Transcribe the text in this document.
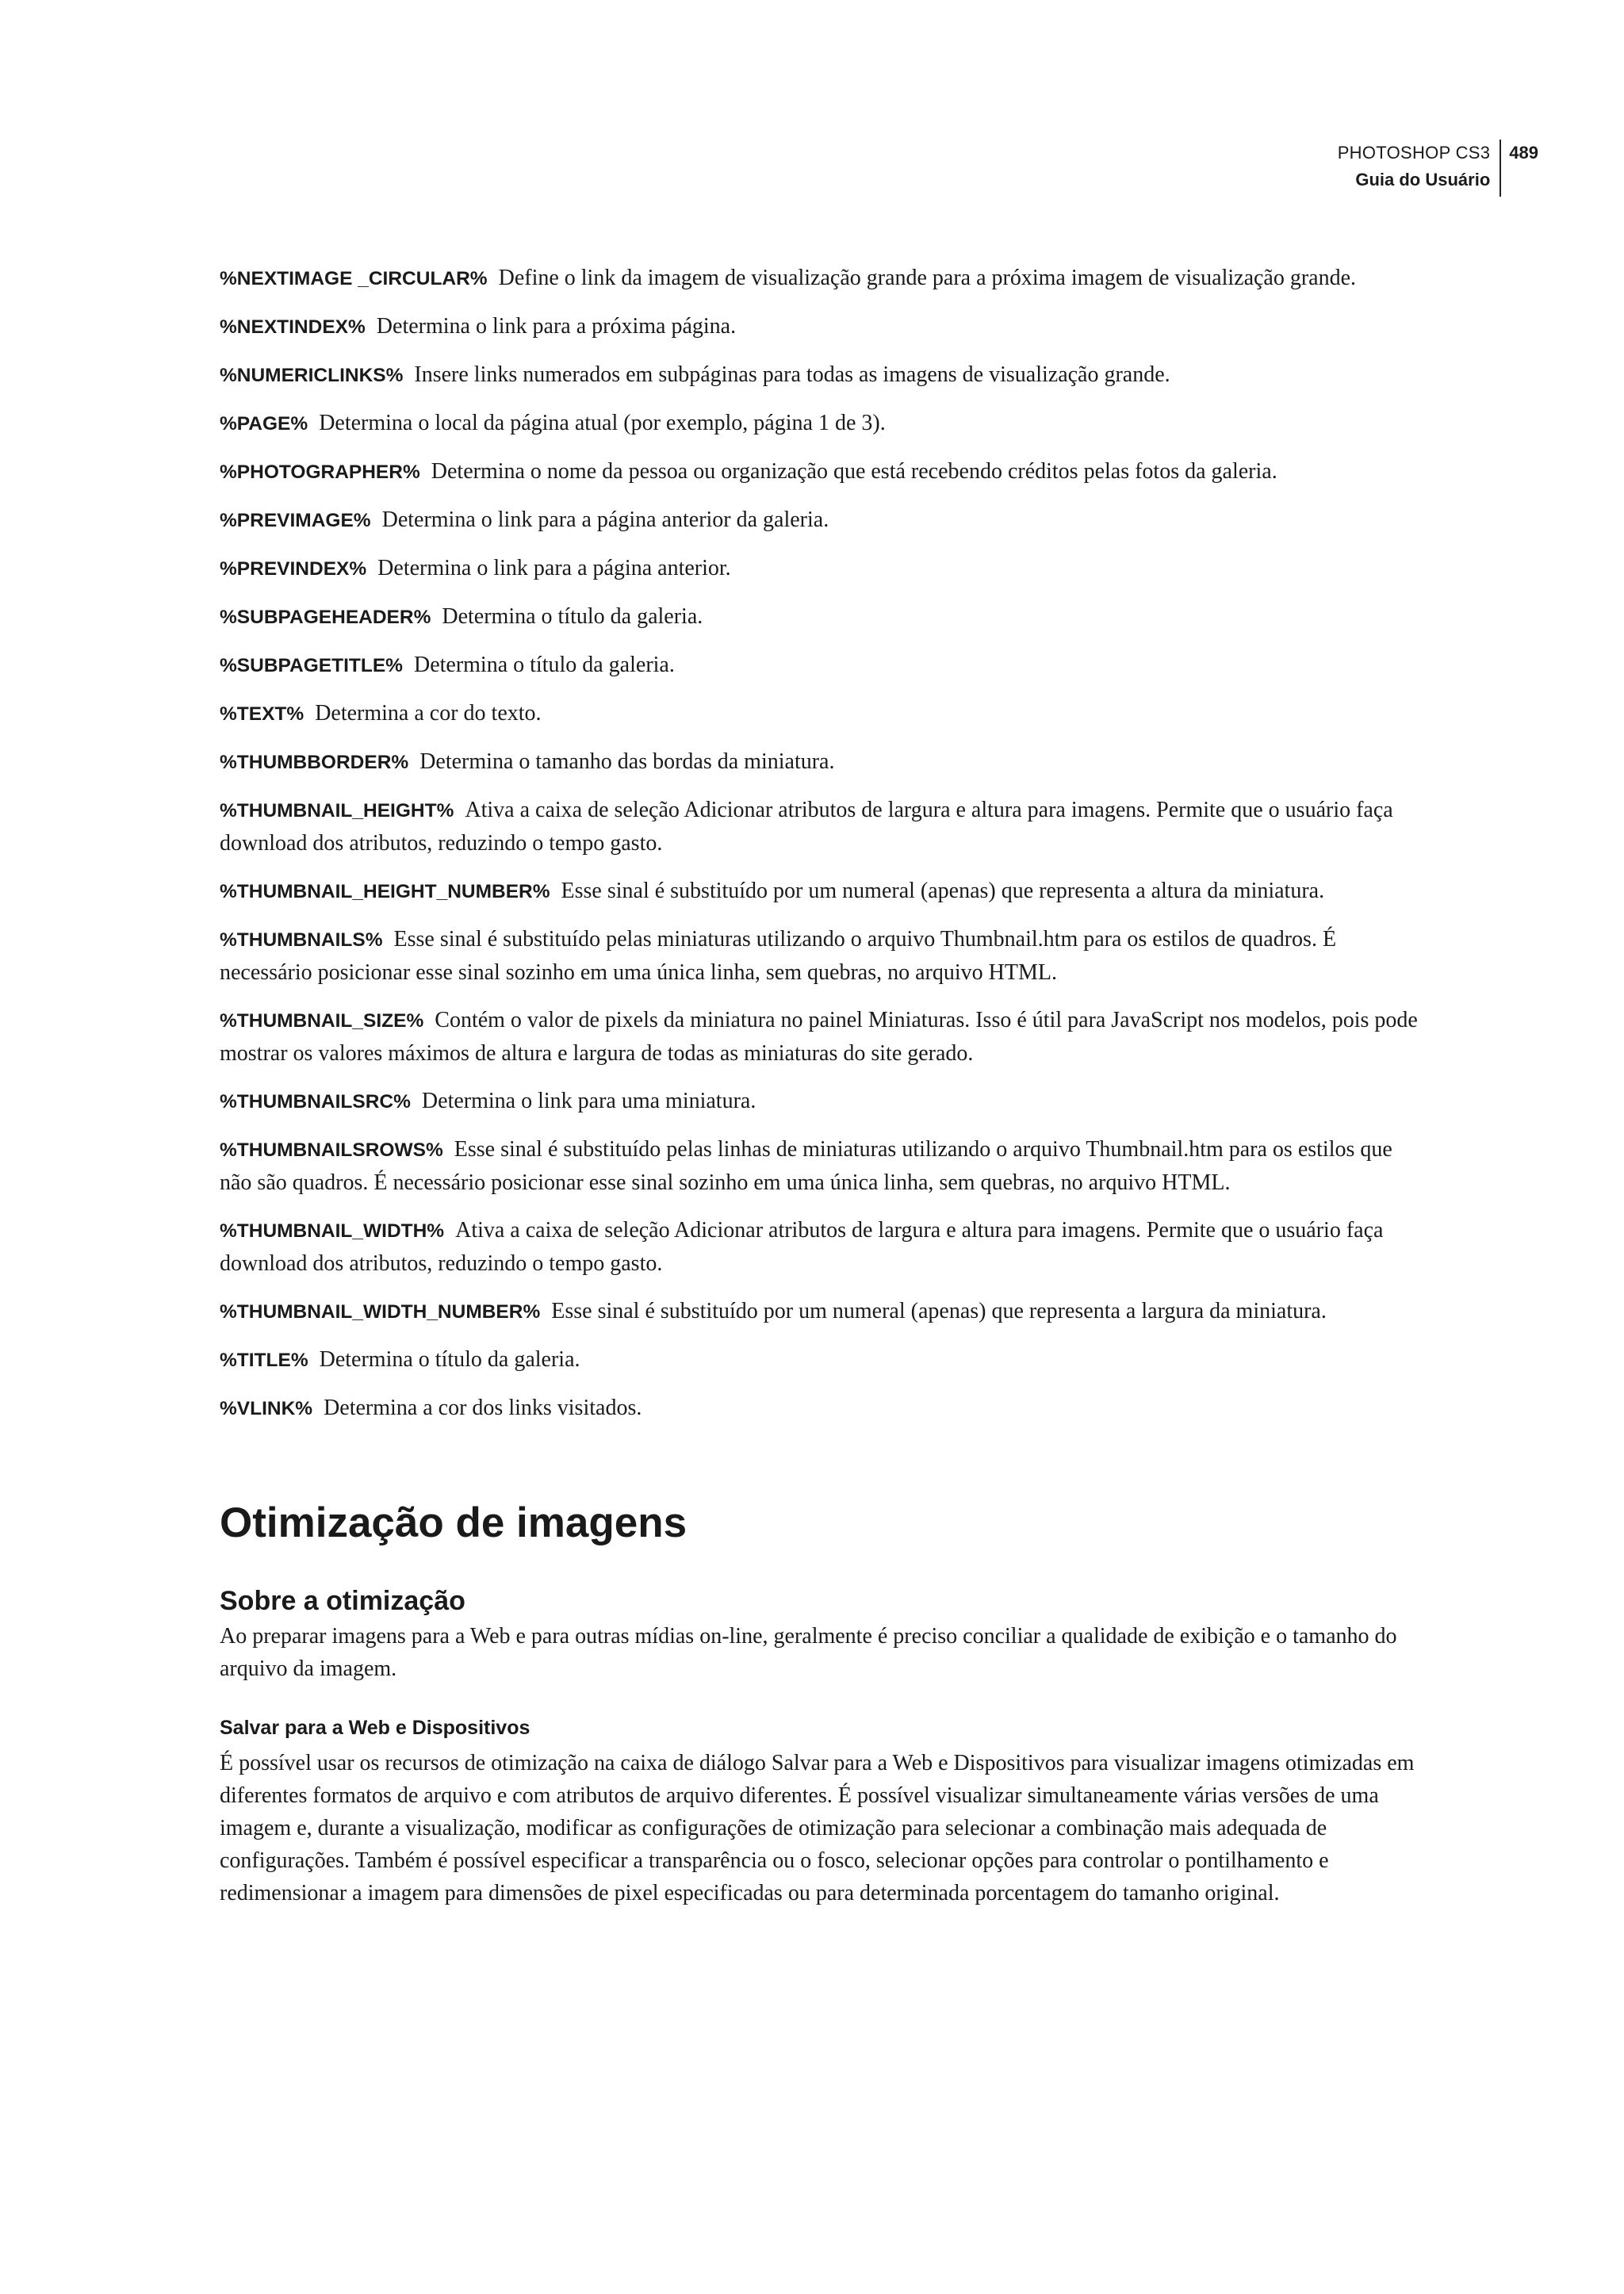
PHOTOSHOP CS3
Guia do Usuário
489
%NEXTIMAGE _CIRCULAR% Define o link da imagem de visualização grande para a próxima imagem de visualização grande.
%NEXTINDEX% Determina o link para a próxima página.
%NUMERICLINKS% Insere links numerados em subpáginas para todas as imagens de visualização grande.
%PAGE% Determina o local da página atual (por exemplo, página 1 de 3).
%PHOTOGRAPHER% Determina o nome da pessoa ou organização que está recebendo créditos pelas fotos da galeria.
%PREVIMAGE% Determina o link para a página anterior da galeria.
%PREVINDEX% Determina o link para a página anterior.
%SUBPAGEHEADER% Determina o título da galeria.
%SUBPAGETITLE% Determina o título da galeria.
%TEXT% Determina a cor do texto.
%THUMBBORDER% Determina o tamanho das bordas da miniatura.
%THUMBNAIL_HEIGHT% Ativa a caixa de seleção Adicionar atributos de largura e altura para imagens. Permite que o usuário faça download dos atributos, reduzindo o tempo gasto.
%THUMBNAIL_HEIGHT_NUMBER% Esse sinal é substituído por um numeral (apenas) que representa a altura da miniatura.
%THUMBNAILS% Esse sinal é substituído pelas miniaturas utilizando o arquivo Thumbnail.htm para os estilos de quadros. É necessário posicionar esse sinal sozinho em uma única linha, sem quebras, no arquivo HTML.
%THUMBNAIL_SIZE% Contém o valor de pixels da miniatura no painel Miniaturas. Isso é útil para JavaScript nos modelos, pois pode mostrar os valores máximos de altura e largura de todas as miniaturas do site gerado.
%THUMBNAILSRC% Determina o link para uma miniatura.
%THUMBNAILSROWS% Esse sinal é substituído pelas linhas de miniaturas utilizando o arquivo Thumbnail.htm para os estilos que não são quadros. É necessário posicionar esse sinal sozinho em uma única linha, sem quebras, no arquivo HTML.
%THUMBNAIL_WIDTH% Ativa a caixa de seleção Adicionar atributos de largura e altura para imagens. Permite que o usuário faça download dos atributos, reduzindo o tempo gasto.
%THUMBNAIL_WIDTH_NUMBER% Esse sinal é substituído por um numeral (apenas) que representa a largura da miniatura.
%TITLE% Determina o título da galeria.
%VLINK% Determina a cor dos links visitados.
Otimização de imagens
Sobre a otimização

Ao preparar imagens para a Web e para outras mídias on-line, geralmente é preciso conciliar a qualidade de exibição e o tamanho do arquivo da imagem.

Salvar para a Web e Dispositivos

É possível usar os recursos de otimização na caixa de diálogo Salvar para a Web e Dispositivos para visualizar imagens otimizadas em diferentes formatos de arquivo e com atributos de arquivo diferentes. É possível visualizar simultaneamente várias versões de uma imagem e, durante a visualização, modificar as configurações de otimização para selecionar a combinação mais adequada de configurações. Também é possível especificar a transparência ou o fosco, selecionar opções para controlar o pontilhamento e redimensionar a imagem para dimensões de pixel especificadas ou para determinada porcentagem do tamanho original.
